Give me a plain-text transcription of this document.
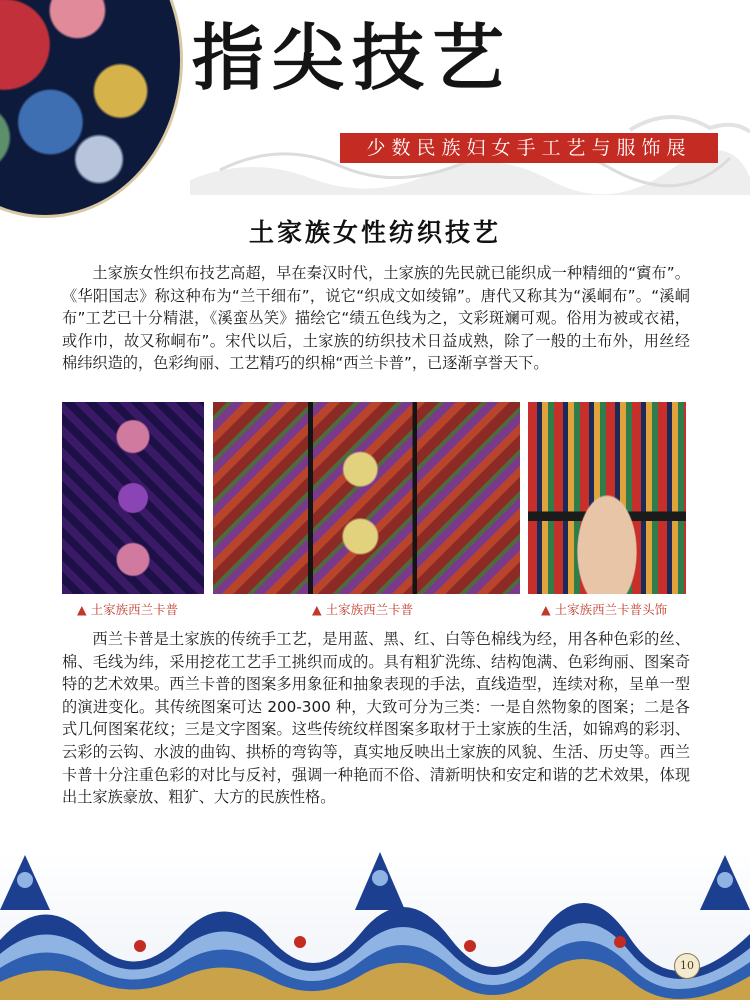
指尖技艺
少数民族妇女手工艺与服饰展
土家族女性纺织技艺

土家族女性织布技艺高超，早在秦汉时代，土家族的先民就已能织成一种精细的“賨布”。《华阳国志》称这种布为“兰干细布”，说它“织成文如绫锦”。唐代又称其为“溪峒布”。“溪峒布”工艺已十分精湛，《溪蛮丛笑》描绘它“绩五色线为之，文彩斑斓可观。俗用为被或衣裙，或作巾，故又称峒布”。宋代以后，土家族的纺织技术日益成熟，除了一般的土布外，用丝经棉纬织造的，色彩绚丽、工艺精巧的织棉“西兰卡普”，已逐渐享誉天下。

▲ 土家族西兰卡普	▲ 土家族西兰卡普	▲ 土家族西兰卡普头饰

西兰卡普是土家族的传统手工艺，是用蓝、黑、红、白等色棉线为经，用各种色彩的丝、棉、毛线为纬，采用挖花工艺手工挑织而成的。具有粗犷洗练、结构饱满、色彩绚丽、图案奇特的艺术效果。西兰卡普的图案多用象征和抽象表现的手法，直线造型，连续对称，呈单一型的演进变化。其传统图案可达 200-300 种，大致可分为三类：一是自然物象的图案；二是各式几何图案花纹；三是文字图案。这些传统纹样图案多取材于土家族的生活，如锦鸡的彩羽、云彩的云钩、水波的曲钩、拱桥的弯钩等，真实地反映出土家族的风貌、生活、历史等。西兰卡普十分注重色彩的对比与反衬，强调一种艳而不俗、清新明快和安定和谐的艺术效果，体现出土家族豪放、粗犷、大方的民族性格。

10
